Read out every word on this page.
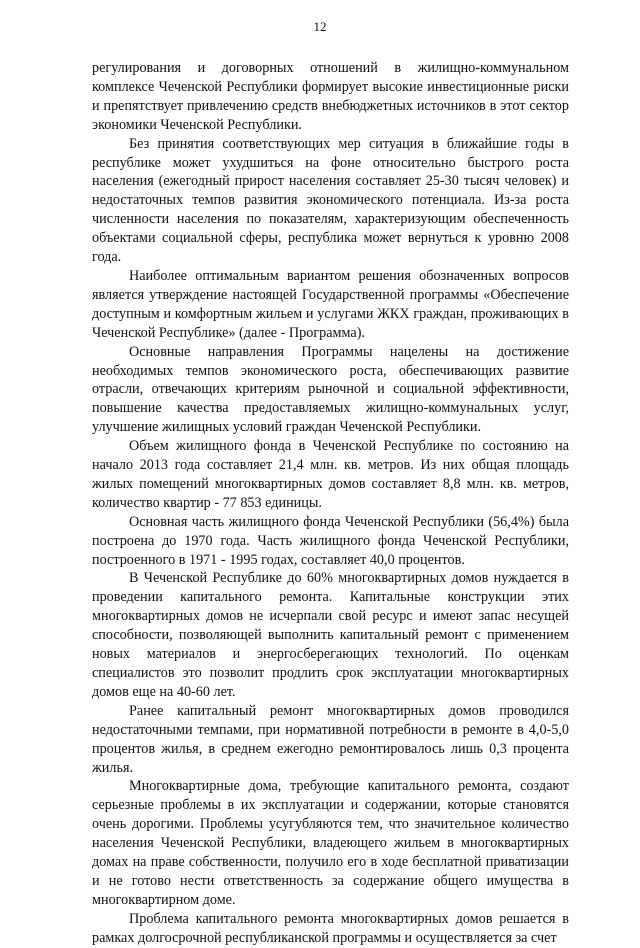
12

регулирования и договорных отношений в жилищно-коммунальном комплексе Чеченской Республики формирует высокие инвестиционные риски и препятствует привлечению средств внебюджетных источников в этот сектор экономики Чеченской Республики.

Без принятия соответствующих мер ситуация в ближайшие годы в республике может ухудшиться на фоне относительно быстрого роста населения (ежегодный прирост населения составляет 25-30 тысяч человек) и недостаточных темпов развития экономического потенциала. Из-за роста численности населения по показателям, характеризующим обеспеченность объектами социальной сферы, республика может вернуться к уровню 2008 года.

Наиболее оптимальным вариантом решения обозначенных вопросов является утверждение настоящей Государственной программы «Обеспечение доступным и комфортным жильем и услугами ЖКХ граждан, проживающих в Чеченской Республике» (далее - Программа).

Основные направления Программы нацелены на достижение необходимых темпов экономического роста, обеспечивающих развитие отрасли, отвечающих критериям рыночной и социальной эффективности, повышение качества предоставляемых жилищно-коммунальных услуг, улучшение жилищных условий граждан Чеченской Республики.

Объем жилищного фонда в Чеченской Республике по состоянию на начало 2013 года составляет 21,4 млн. кв. метров. Из них общая площадь жилых помещений многоквартирных домов составляет 8,8 млн. кв. метров, количество квартир - 77 853 единицы.

Основная часть жилищного фонда Чеченской Республики (56,4%) была построена до 1970 года. Часть жилищного фонда Чеченской Республики, построенного в 1971 - 1995 годах, составляет 40,0 процентов.

В Чеченской Республике до 60% многоквартирных домов нуждается в проведении капитального ремонта. Капитальные конструкции этих многоквартирных домов не исчерпали свой ресурс и имеют запас несущей способности, позволяющей выполнить капитальный ремонт с применением новых материалов и энергосберегающих технологий. По оценкам специалистов это позволит продлить срок эксплуатации многоквартирных домов еще на 40-60 лет.

Ранее капитальный ремонт многоквартирных домов проводился недостаточными темпами, при нормативной потребности в ремонте в 4,0-5,0 процентов жилья, в среднем ежегодно ремонтировалось лишь 0,3 процента жилья.

Многоквартирные дома, требующие капитального ремонта, создают серьезные проблемы в их эксплуатации и содержании, которые становятся очень дорогими. Проблемы усугубляются тем, что значительное количество населения Чеченской Республики, владеющего жильем в многоквартирных домах на праве собственности, получило его в ходе бесплатной приватизации и не готово нести ответственность за содержание общего имущества в многоквартирном доме.

Проблема капитального ремонта многоквартирных домов решается в рамках долгосрочной республиканской программы и осуществляется за счет
